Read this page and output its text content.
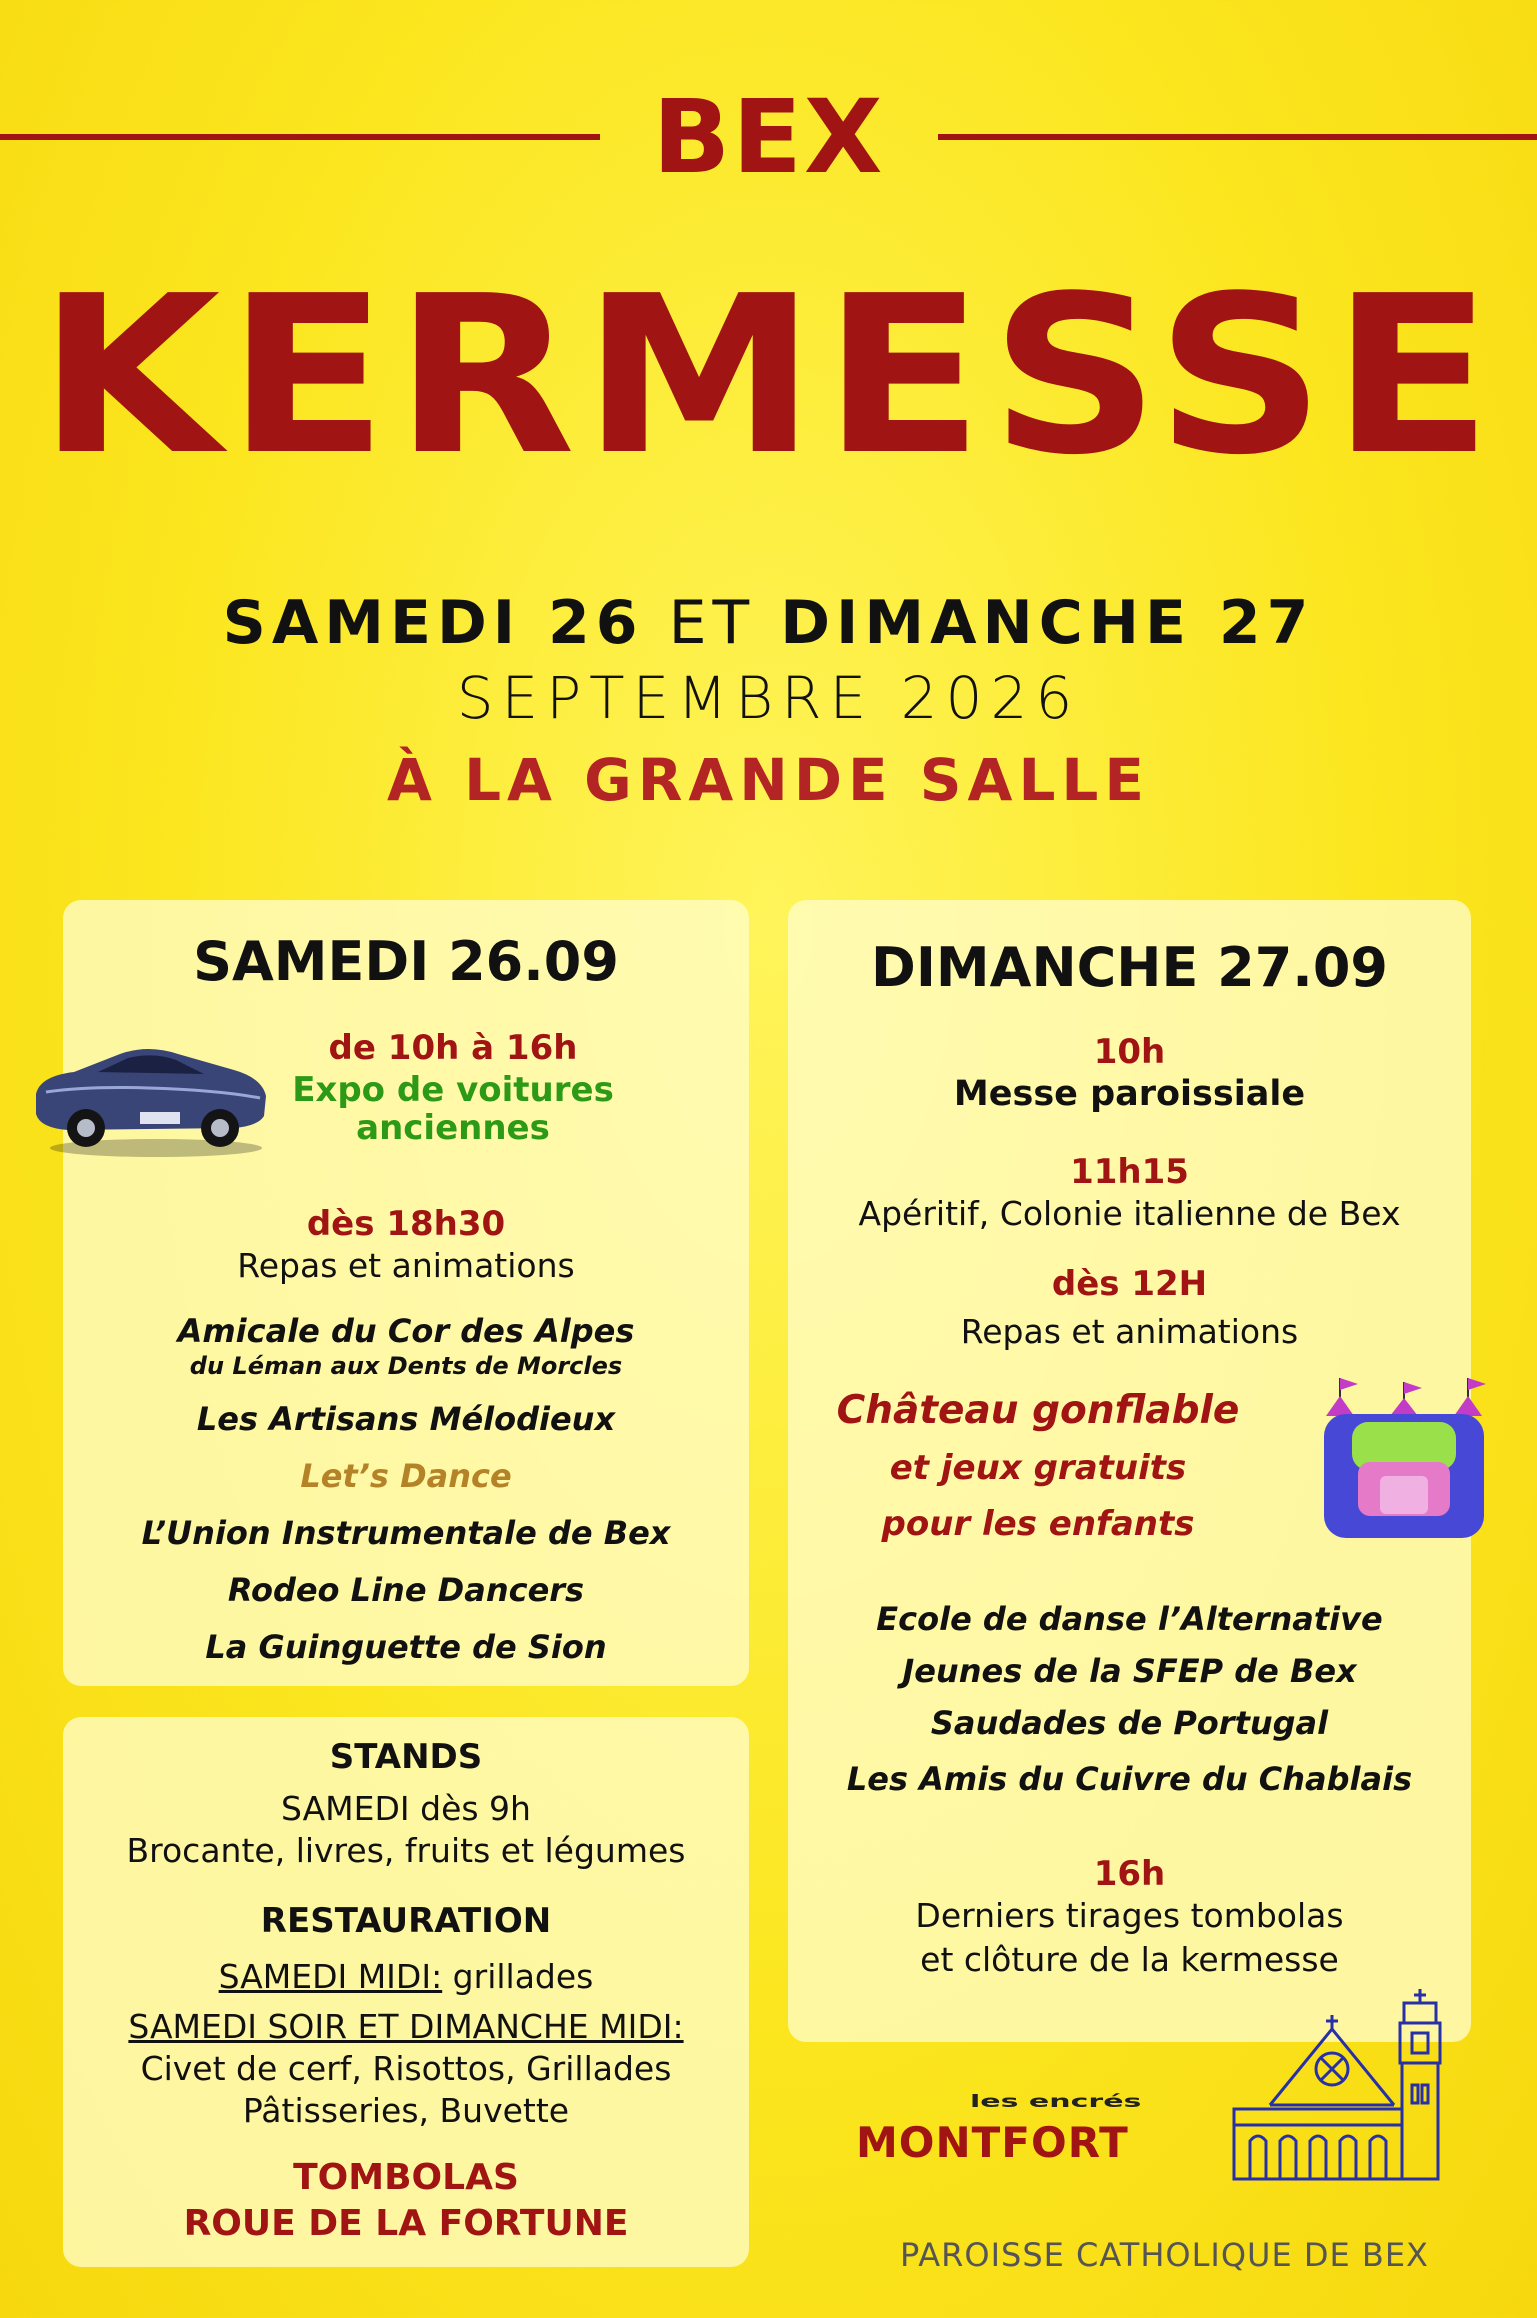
BEX
KERMESSE
SAMEDI 26 ET DIMANCHE 27
SEPTEMBRE 2026
À LA GRANDE SALLE
SAMEDI 26.09
de 10h à 16h
Expo de voitures
anciennes
dès 18h30
Repas et animations
Amicale du Cor des Alpes
du Léman aux Dents de Morcles
Les Artisans Mélodieux
Let’s Dance
L’Union Instrumentale de Bex
Rodeo Line Dancers
La Guinguette de Sion
DIMANCHE 27.09
10h
Messe paroissiale
11h15
Apéritif, Colonie italienne de Bex
dès 12H
Repas et animations
Château gonflable
et jeux gratuits
pour les enfants
Ecole de danse l’Alternative
Jeunes de la SFEP de Bex
Saudades de Portugal
Les Amis du Cuivre du Chablais
16h
Derniers tirages tombolas
et clôture de la kermesse
STANDS
SAMEDI dès 9h
Brocante, livres, fruits et légumes
RESTAURATION
SAMEDI MIDI: grillades
SAMEDI SOIR ET DIMANCHE MIDI:
Civet de cerf, Risottos, Grillades
Pâtisseries, Buvette
TOMBOLAS
ROUE DE LA FORTUNE
les encrés
MONTFORT
PAROISSE CATHOLIQUE DE BEX
